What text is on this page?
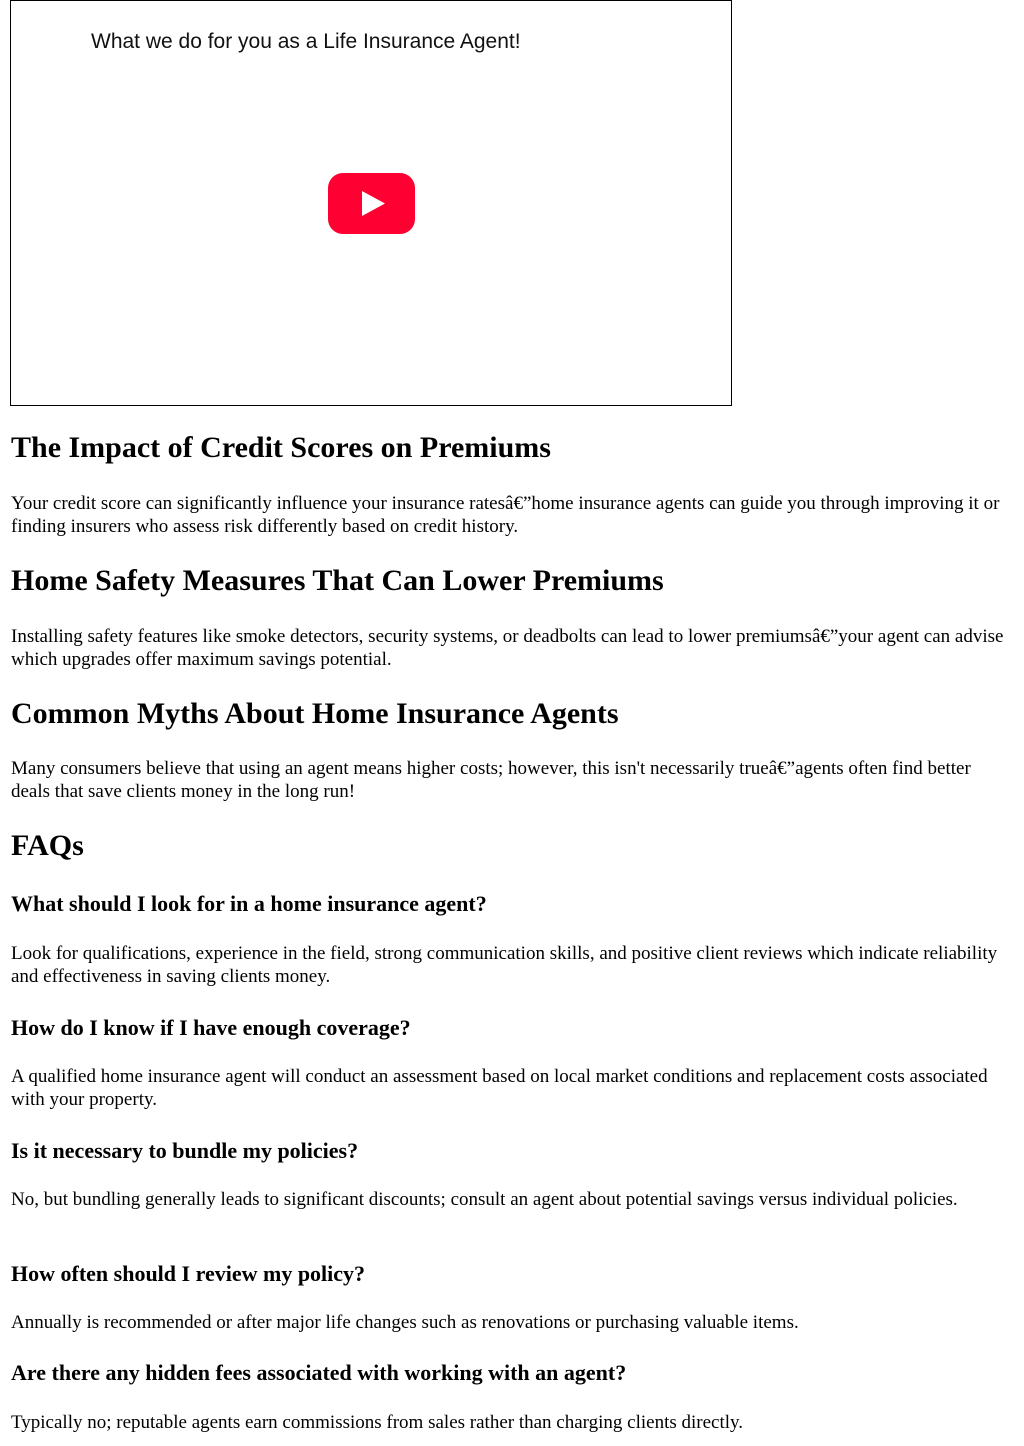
What we do for you as a Life Insurance Agent!
The Impact of Credit Scores on Premiums

Your credit score can significantly influence your insurance ratesâ€”home insurance agents can guide you through improving it or finding insurers who assess risk differently based on credit history.

Home Safety Measures That Can Lower Premiums

Installing safety features like smoke detectors, security systems, or deadbolts can lead to lower premiumsâ€”your agent can advise which upgrades offer maximum savings potential.

Common Myths About Home Insurance Agents

Many consumers believe that using an agent means higher costs; however, this isn't necessarily trueâ€”agents often find better deals that save clients money in the long run!

FAQs
What should I look for in a home insurance agent?

Look for qualifications, experience in the field, strong communication skills, and positive client reviews which indicate reliability and effectiveness in saving clients money.

How do I know if I have enough coverage?

A qualified home insurance agent will conduct an assessment based on local market conditions and replacement costs associated with your property.

Is it necessary to bundle my policies?

No, but bundling generally leads to significant discounts; consult an agent about potential savings versus individual policies.

How often should I review my policy?

Annually is recommended or after major life changes such as renovations or purchasing valuable items.

Are there any hidden fees associated with working with an agent?

Typically no; reputable agents earn commissions from sales rather than charging clients directly.
